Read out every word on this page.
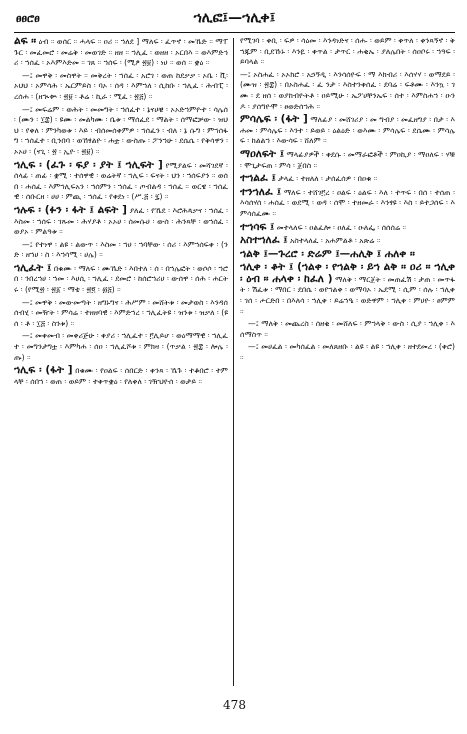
ፀፀሮፀ	ኀሊፎ፤—ኀሊቀ፤

ልፍ ። ዕብ ። ወሰር ። ሓላፍ ። ዐሪ ። ኀለደ ] ማለፍ ፡ ፈጥኖ ፡ መኼድ ። ማፐጉር ፡ መፈመሮ ፡ መሬቅ ፡ መወገድ ። ዘዘ ። ኀሊፈ ፡ ወዘዘ ፡ ኦርበእ ። ወእምድኅሪ ፡ ኀሰፈ ፡ ኦእምእድመ ። ገጸ ። ኀሰፍ ፡ (ሚፆ ፳፱) ፡ ነሀ ። ወሰ ። ቋዕ ።

—፤ መዋቅ ፡ መስዋት ። መቅረት ፡ ኀሰፈ ፡ አሮገ ፡ ወጠ ከደቃቃ ፡ ኦቤ ፡ ቪ፡ ኦህህ ፡ ኦምሳሕ ፡ ኤርምይስ ፡ ባኦ ፡ ሰዳ ፡ እምኀለ ፡ ሲከቡ ፡ ኀሊፈ ፡ ሕብፒ ፡ ረሰሐ ፡ (ዘኊቊ ፡ ፳፱ ፡ ቶሬ ፡ ኪራ ፡ ሚፈ ፡ ፳፭) ።

—፤ መፍሬም ፡ ወሕት ፡ መመግት ፡ ኀሰፈተ ፡ ኔናሀቼ ፡ ኦኦድኀምዮተ ፡ ሳሌሰ ፡ (ሙን ፡ ፲፰) ፡ ዩሙ ፡ መልካሙ ፡ ቤቱ ፡ ማሰፈደ ፡ ማልት ፡ ሰማፎቻው ፡ ዝህህ ፡ የቀለ ፡ ምንካወቱ ፡ እይ ፡ ብሰመሰቀምዎ ፡ ኀሰፈን ፡ ብለ ፡ ኔ ሱግ ፡ ምኀሰፋግ ፡ ኀሰፈተ ፡ ቢንበባ ፡ ወኸፃልዮ ፡ ሐቷ ፡ ውስጡ ፡ ፖንኀሁ ፡ ደሴሴ ፡ የቅሳዋን ፡ ኦኦሀ ፡ (ናጊ ፡ ፳ ፡ ኢዮ ፡ ፳፱) ።

ኀሊፍ ፡ (ፈጉ ፡ ፍያ ፡ ያት ፤ ኀሊፍት ] የሚያልፍ ፡ መሻገደኛ ፡ ሰላፊ ፡ ጠፊ ፡ ቋሚ ፡ ተሰዋዊ ፡ ወሬትኛ ፡ ኀሊፍ ፡ ፍናት ፡ ህን ፡ ኀሰፍያን ። ወሰበ ፡ ሐሰፈ ፡ እምኀሊፍአን ፡ ኀሰምን ፡ ኀሰፈ ፡ ጦብልዳ ፡ ኀሰፈ ። ወርዌ ፡ ኀሰፈዊ ፡ ሰቡርዘ ፡ ሀሀ ፡ ምጪ ፡ ኀሰፈ ፡ የቀደነ ፡ (ሥ.፭ ፡ ፯) ።

ኀሉፍ ፡ (ፉን ፡ ፋት ፤ ልፍት ] ያለፈ ፡ የኼደ ፡ እሮሕጳቃና ፡ ኀሰፈ ፡ እስመ ፡ ኀሰፍ ፡ ገጹመ ፡ ሕሃያቶ ፡ ኦኦሀ ፡ ሰመሱሀ ፡ ውሰ ፡ ሕንጻቸ ፡ ወኀሰፈ ፡ ወያኦ ፡ ምልዓቱ ።

—፤ የተነዋ ፡ ልዩ ፡ ልውጥ ፡ እስመ ፡ ኀሀ ፡ ኀባቸው ፡ ሰሪ ፡ እምኀሰፍቀ ፡ (ንድ ፡ ዘኀሀ ፡ ስ ፡ እኀሳሚ ፡ ሀሌ) ።

ኀሊፈት ፤ በቁሙ ፡ ማለፍ ፡ ሙኼድ ፡ እበተለ ፡ ሰ ፡ በኀሌፎት ፡ ወሶሶ ፡ ኀሮበ ፡ ንበረኀሀ ፡ ኀመ ፡ እሀሲ ፡ ኀሊፈ ፡ ደመሮ ፡ ከሰሮኀሪሀ ፡ ውሰዋ ፡ ሰሕ ፡ ሐርትሩ ፡ (የሚ፳ ፡ ፳፩ ፡ ማቴ ፡ ፳፬ ፡ ፴፭) ።

—፤ መዋቅ ፡ መውመጣት ፡ ዘግኑግና ፡ ሕሥም ፡ መሸትቱ ፡ መታወስ ፡ እንዳሰሰብሂ ፡ መዥት ፡ ምሳሬ ፡ ተዘዘባዊ ፡ እምድኀረ ፡ ኀሊፈትዩ ፡ ዝንቱ ፡ ዝቃለ ፡ (ዩሰ ፡ ቶ ፡ ፲፭ ፡ ስንቱ) ።

—፤ መቀመብ ፡ መቀሪጅሁ ፡ ቀያሪ ፡ ኀሊፈተ ፡ ፫ሊይሆ ፡ ወዕማማዊ ፡ ኀሊፈተ ፡ መግንታግቷ ፡ እምካሐ ፡ ሰዐ ፡ ኀሊፈሾቱ ፡ ምክዛ ፡ (ጥቃል ፡ ፳፰ ፡ ሎሌ ፡ ጡ) ።

ኀሊፍ ፡ (ፋት ] በቁሙ ፡ የዐልፍ ፡ ሰበርድ ፡ ቀንጻ ፡ ኼጉ ፡ ተቆበሮ ፡ ተምላቸ ፡ ሰበኀ ፡ ወጠ ፡ ወይም ፡ ተቀጥቋዕ ፡ የለቀለ ፡ ገዥህዮሰ ፡ ወታይ ።

የሚገባ ፡ ቀቢ ፡ ፍዎ ፡ ሳዕመ ፡ እንዳነድና ፡ ሰሑ ፡ ወይም ፡ ቀጥለ ፡ ቀንጻኝኖ ፡ ቅኀጁም ፡ ቢደኹኑ ፡ እንዬ ፡ ቀጥል ፡ ታጥር ፡ ሐቂኤ ፡ ያለሌበት ፡ ሰዐቦሩ ፡ ኀዓፍ ፡ ይባላል ።

—፤ ኦስሐፈ ፡ ኦኦክሮ ፡ አኃኝዲ ፡ እንሳሰዮፍ ፡ ማ እክብሪ ፡ እሰሃሃ ፡ ወማደይ ፡ (ሙዝ ፡ ፳፰) ፡ በኦስሐፈ ፡ ፈ ንታ ፡ እስተንቀሰፈ ፡ ደባሬ ፡ ፍቶሙ ፡ እንኳ ፡ ገሙ ፡ ደ ዘሰ ፡ ወያከብዮትቶ ፡ ዐይሚሁ ፡ ኤፖሀቸንኤፍ ፡ ሰተ ፡ እምስሐኀ ፡ ዑንዶ ፡ ያሰግዮሞ ፡ ፀወድሰኀሕ ።

ምሳሌፍ ፡ (ፋት ] ማለፊያ ፡ መሸገሪያ ፡ መ ግብያ ፡ መፈዘግያ ፡ በታ ፡ እሐመ ፡ ምሳሌፍ ፡ እንተ ፡ ይወይ ፡ ዕልዕድ ፡ ወእሙ ፡ ምሳሌፍ ፡ ደሴሙ ፡ ምሳሌፍ ፡ ከልልኀ ፡ እውሳፍ ፡ ሸለም ።

ማዐለፍት ፤ ማላፊያዎች ፡ ቀደሱ ፡ መማራፎቶች ፡ ምዐኪያ ፡ ማዐለፍ ፡ ሃቹ ፡ ሞጊታፍጠ ፡ ምሳ ፡ ጀበስ ።

ተኀልፈ ፤ ታላፈ ፡ ተዘለለ ፡ ታሰፈሰዎ ፡ በዐቁ ።

ተንኀለፈ ፤ ማለፍ ፡ ተሸገ፫ረ ፡ ዐልፍ ፡ ዕልፍ ፡ እለ ፡ ተጥፍ ፡ በሰ ፡ ተሰጠ ፡ እሳሰሃሰ ፡ ሐሰፈ ፡ ወደሚ ፡ ወዳ ፡ ሰሞ ፡ ተዘመራ ፡ እንፃዩ ፡ እስ ፡ ይተጋሰፍ ፡ እምሳሰፈሙ ።

ተኀሳፍ ፤ መተላለፍ ፡ ዐልፈሎ ፡ ዐለፈ ፡ ዑለፌ ፡ ሰሰሰሬ ።

አስተኀለፈ ፤ አስተላለፈ ፡ አሐምልቶ ፡ አጽሬ ።

ኀልቅ ፤—ጉረሮ ፡ ድሬም ፤—ሐሊቅ ፤ ሐለቀ ።

ኀሊቀ ፡ ቆት ፤ (ኀልቀ ፡ የኀልቅ ፡ ይኀ ልቅ ። ዐሪ ። ኀሊቀ ፡ ዕብ ። ሐላቀ ፡ ከፈለ ) ማለቅ ፡ ማርጀት ፡ መጠፈሽ ፡ ታጠ ፡ መጥፋት ፡ ሽፈቱ ፡ ማበር ፡ ደበሴ ፡ ወየኀልቀ ፡ ወማባኦ ፡ ኤደሚ ፡ ሲም ፡ ሰሉ ፡ ኀሊቀ ፡ ገሰ ፡ ሖርድበ ፡ በእለሳ ፡ ኀሊቀ ፡ ይሬኀዔ ፡ ወድዋም ፡ ኀሊቀ ፡ ምሀዮ ፡ ፀምም ።

—፤ ማለቅ ፡ መጨረስ ፡ ሰዘቂ ፡ መሸለፍ ፡ ምኀላቅ ፡ ውስ ፡ ሲያ ፡ ኀሊቀ ፡ እሰማስጥ ።

—፤ መሀፈል ፡ መካሰፈል ፡ መለጸዘቡ ፡ ልዩ ፡ ልዩ ፡ ኀሊቀ ፡ ዘተደመረ ፡ (ቀሮ) ።

478
